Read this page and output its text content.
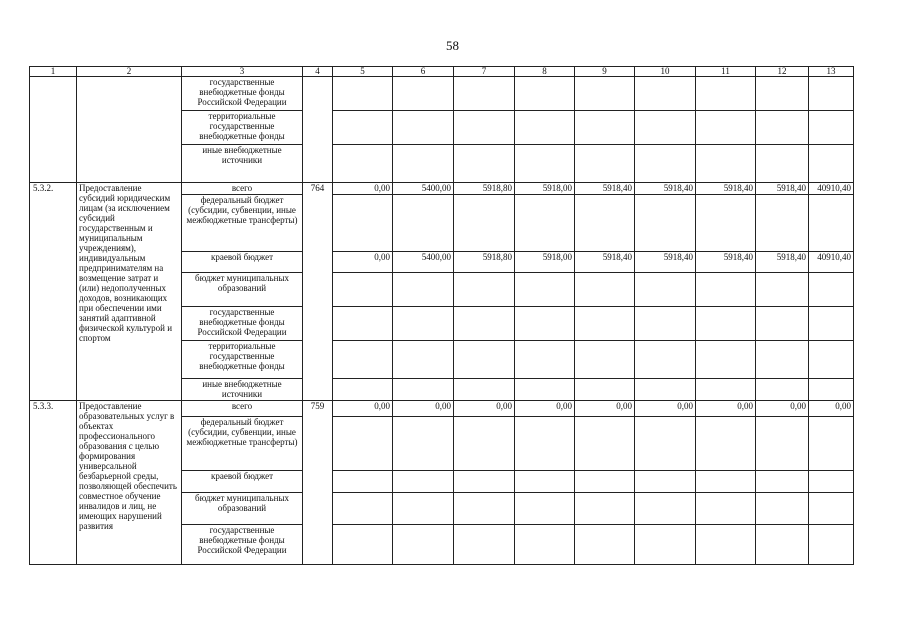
58
1	2	3	4	5	6	7	8	9	10	11	12	13
		государственные внебюджетные фонды Российской Федерации										
		территориальные государственные внебюджетные фонды										
		иные внебюджетные источники										
5.3.2.	Предоставление субсидий юридическим лицам (за исключением субсидий государственным и муниципальным учреждениям), индивидуальным предпринимателям на возмещение затрат и (или) недополученных доходов, возникающих при обеспечении ими занятий адаптивной физической культурой и спортом	всего	764	0,00	5400,00	5918,80	5918,00	5918,40	5918,40	5918,40	5918,40	40910,40
		федеральный бюджет (субсидии, субвенции, иные межбюджетные трансферты)										
		краевой бюджет		0,00	5400,00	5918,80	5918,00	5918,40	5918,40	5918,40	5918,40	40910,40
		бюджет муниципальных образований										
		государственные внебюджетные фонды Российской Федерации										
		территориальные государственные внебюджетные фонды										
		иные внебюджетные источники										
5.3.3.	Предоставление образовательных услуг в объектах профессионального образования с целью формирования универсальной безбарьерной среды, позволяющей обеспечить совместное обучение инвалидов и лиц, не имеющих нарушений развития	всего	759	0,00	0,00	0,00	0,00	0,00	0,00	0,00	0,00	0,00
		федеральный бюджет (субсидии, субвенции, иные межбюджетные трансферты)										
		краевой бюджет										
		бюджет муниципальных образований										
		государственные внебюджетные фонды Российской Федерации										
